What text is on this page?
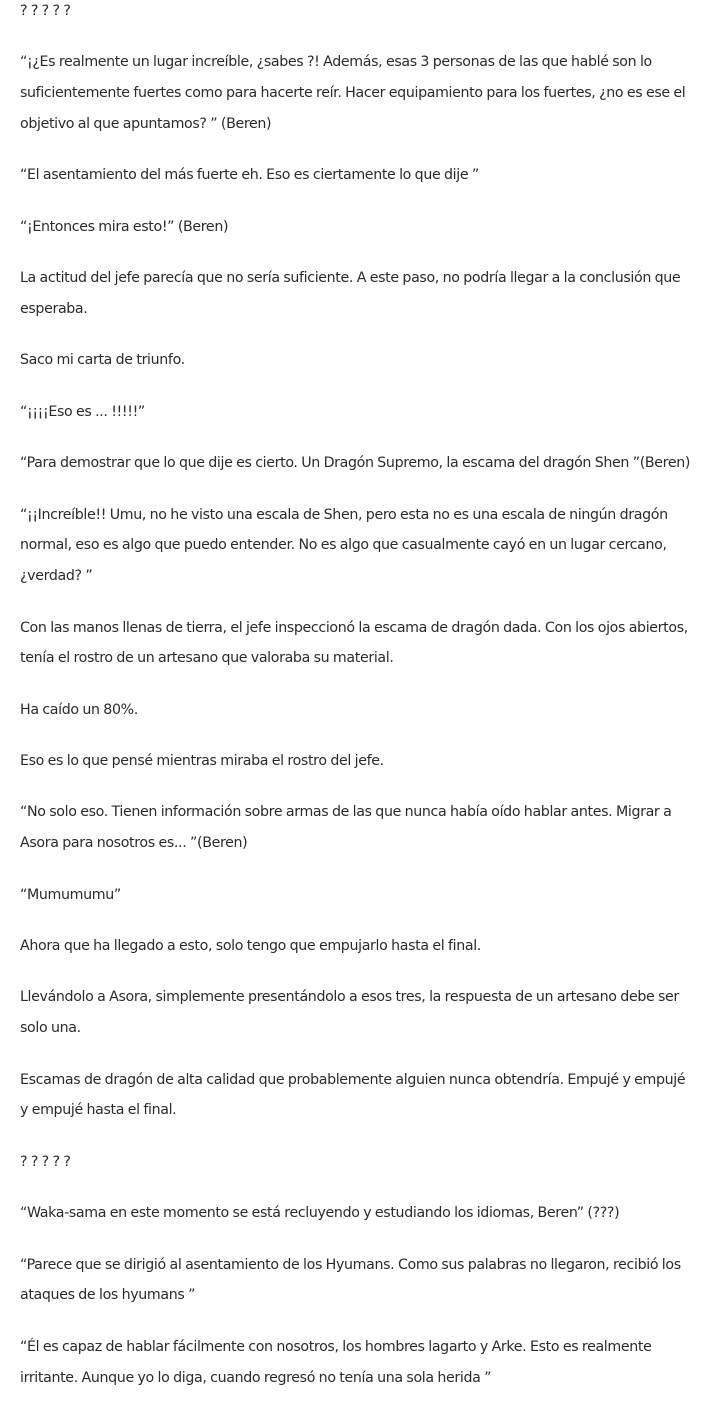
? ? ? ? ?

“¡¿Es realmente un lugar increíble, ¿sabes ?! Además, esas 3 personas de las que hablé son lo suficientemente fuertes como para hacerte reír. Hacer equipamiento para los fuertes, ¿no es ese el objetivo al que apuntamos? ” (Beren)

“El asentamiento del más fuerte eh. Eso es ciertamente lo que dije ”

“¡Entonces mira esto!” (Beren)

La actitud del jefe parecía que no sería suficiente. A este paso, no podría llegar a la conclusión que esperaba.

Saco mi carta de triunfo.

“¡¡¡¡Eso es ... !!!!!”

“Para demostrar que lo que dije es cierto. Un Dragón Supremo, la escama del dragón Shen ”(Beren)

“¡¡Increíble!! Umu, no he visto una escala de Shen, pero esta no es una escala de ningún dragón normal, eso es algo que puedo entender. No es algo que casualmente cayó en un lugar cercano, ¿verdad? ”

Con las manos llenas de tierra, el jefe inspeccionó la escama de dragón dada. Con los ojos abiertos, tenía el rostro de un artesano que valoraba su material.

Ha caído un 80%.

Eso es lo que pensé mientras miraba el rostro del jefe.

“No solo eso. Tienen información sobre armas de las que nunca había oído hablar antes. Migrar a Asora para nosotros es... ”(Beren)

“Mumumumu”

Ahora que ha llegado a esto, solo tengo que empujarlo hasta el final.

Llevándolo a Asora, simplemente presentándolo a esos tres, la respuesta de un artesano debe ser solo una.

Escamas de dragón de alta calidad que probablemente alguien nunca obtendría. Empujé y empujé y empujé hasta el final.

? ? ? ? ?

“Waka-sama en este momento se está recluyendo y estudiando los idiomas, Beren” (???)

“Parece que se dirigió al asentamiento de los Hyumans. Como sus palabras no llegaron, recibió los ataques de los hyumans ”

“Él es capaz de hablar fácilmente con nosotros, los hombres lagarto y Arke. Esto es realmente irritante. Aunque yo lo diga, cuando regresó no tenía una sola herida ”
